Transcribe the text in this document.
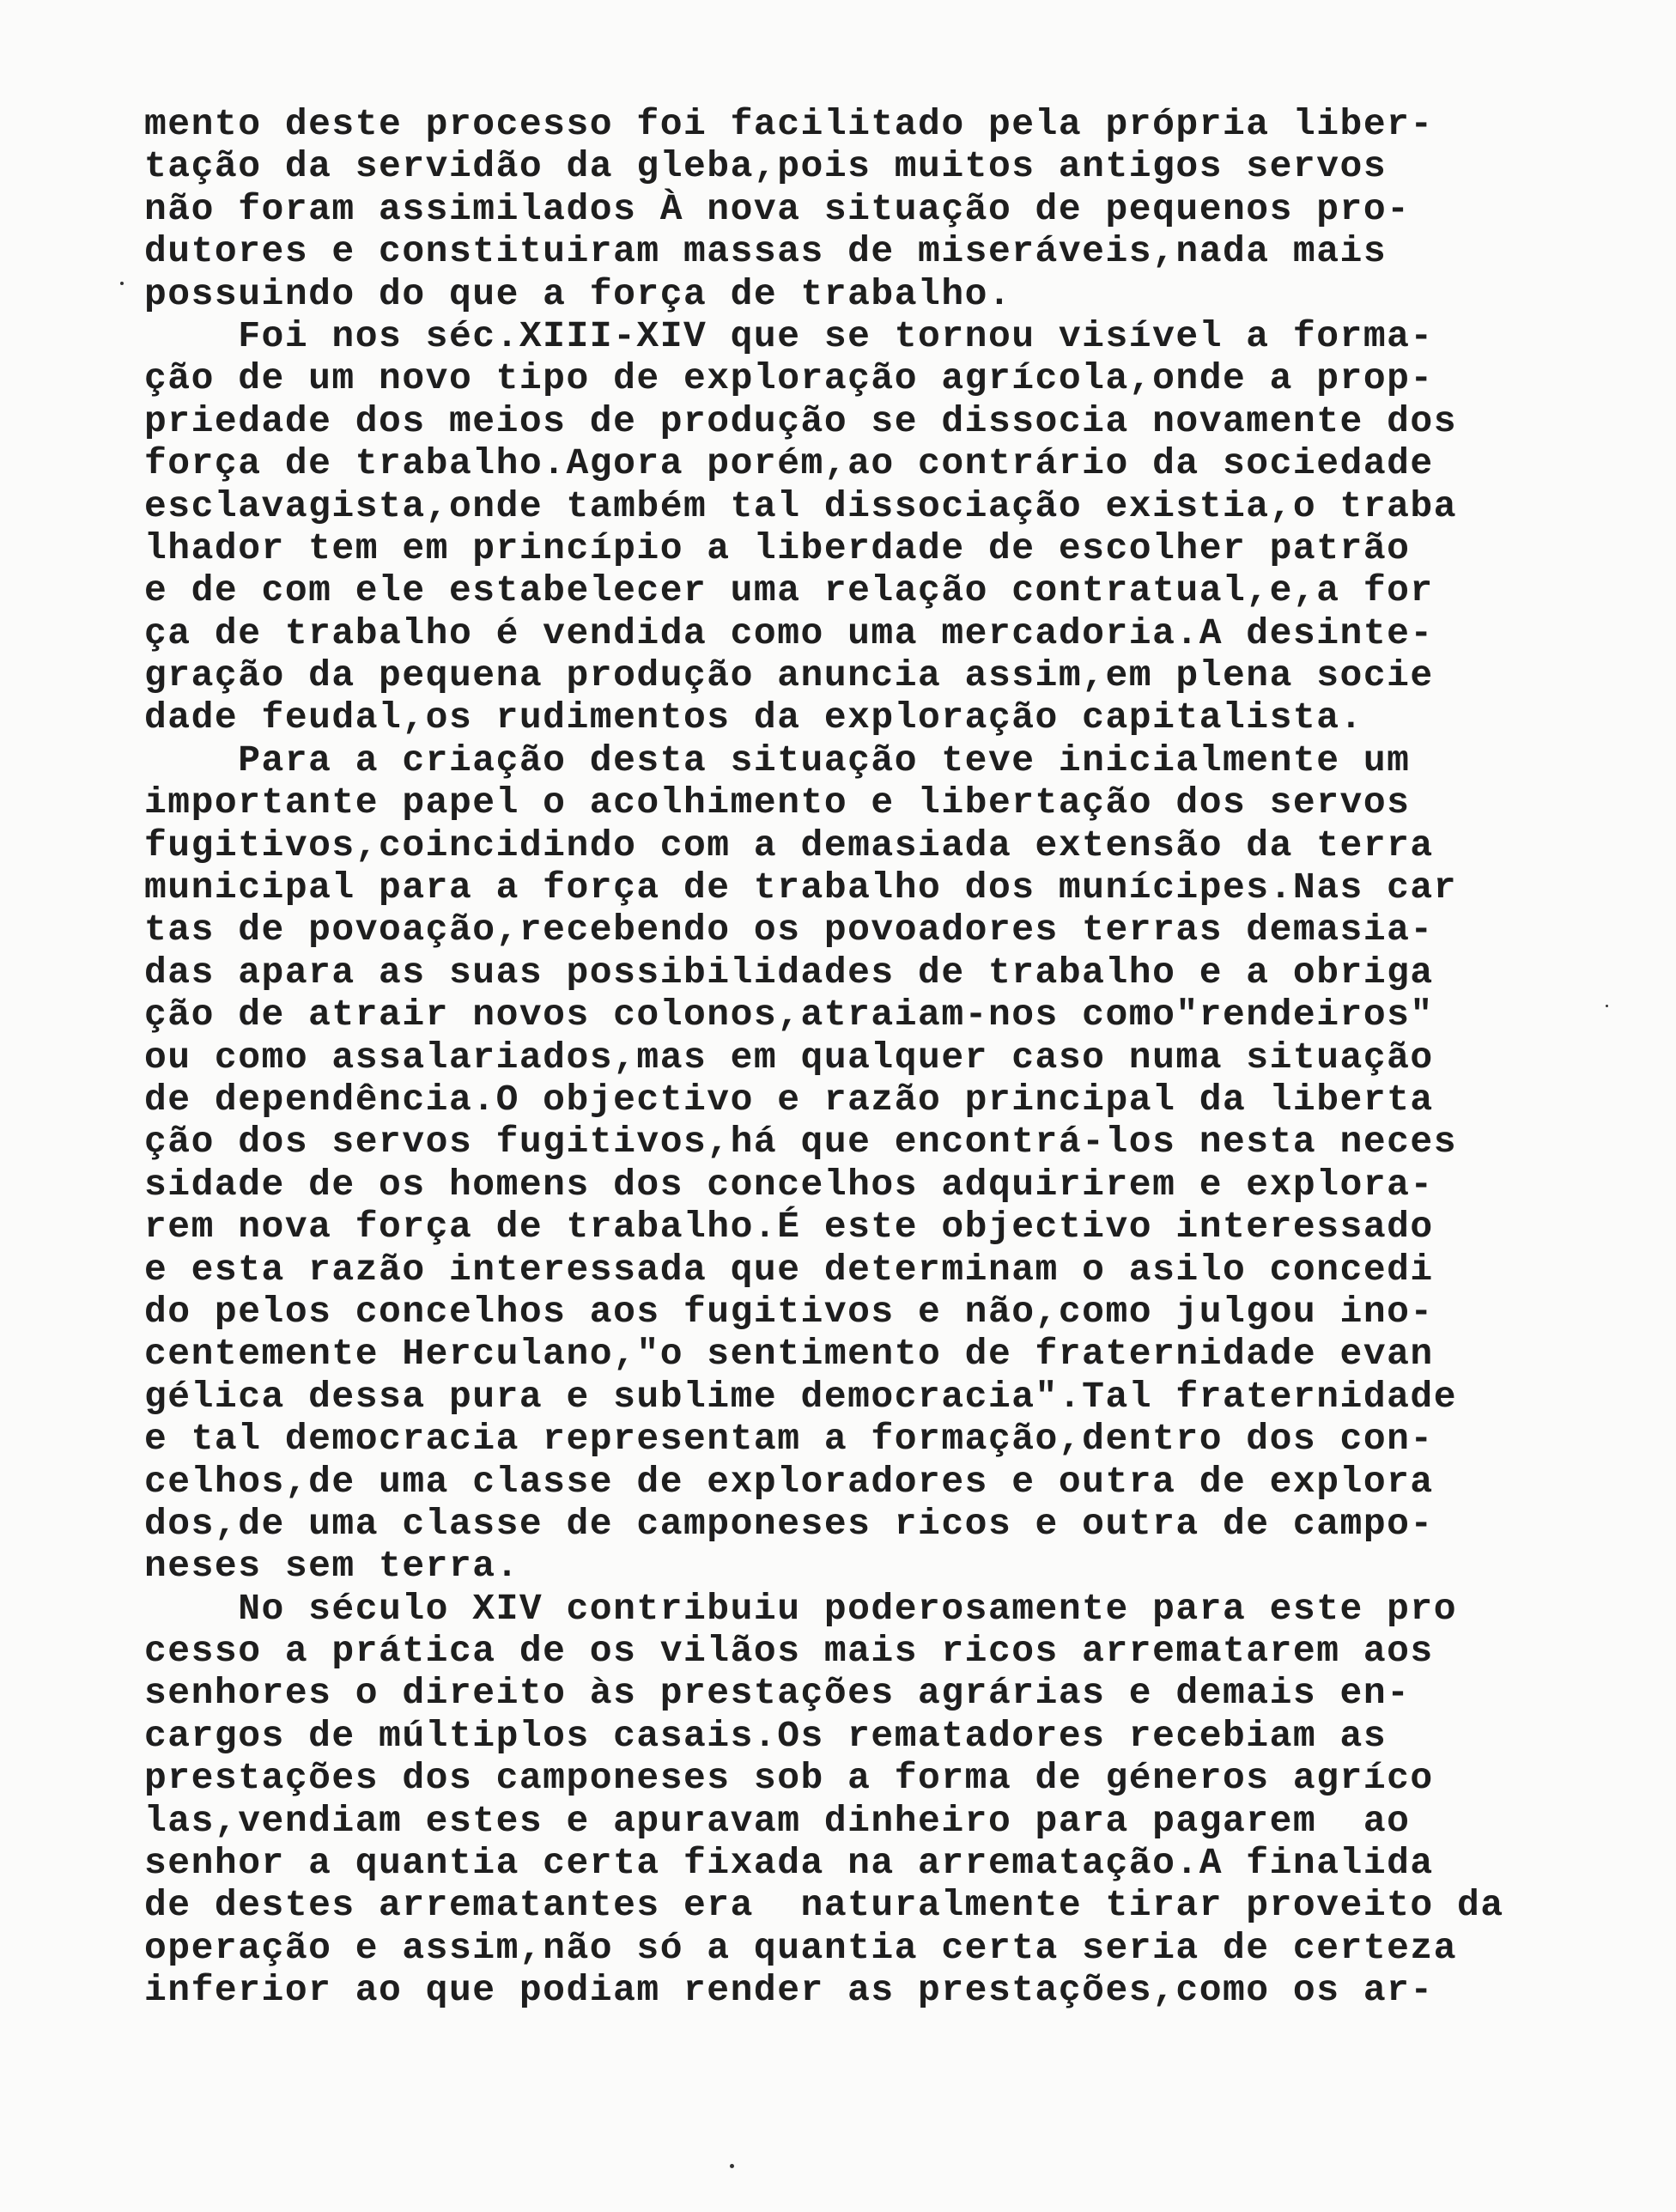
mento deste processo foi facilitado pela própria liber-
tação da servidão da gleba,pois muitos antigos servos
não foram assimilados À nova situação de pequenos pro-
dutores e constituiram massas de miseráveis,nada mais
possuindo do que a força de trabalho.
Foi nos séc.XIII-XIV que se tornou visível a forma-
ção de um novo tipo de exploração agrícola,onde a prop-
priedade dos meios de produção se dissocia novamente dos
força de trabalho.Agora porém,ao contrário da sociedade
esclavagista,onde também tal dissociação existia,o traba
lhador tem em princípio a liberdade de escolher patrão
e de com ele estabelecer uma relação contratual,e,a for
ça de trabalho é vendida como uma mercadoria.A desinte-
gração da pequena produção anuncia assim,em plena socie
dade feudal,os rudimentos da exploração capitalista.
Para a criação desta situação teve inicialmente um
importante papel o acolhimento e libertação dos servos
fugitivos,coincidindo com a demasiada extensão da terra
municipal para a força de trabalho dos munícipes.Nas car
tas de povoação,recebendo os povoadores terras demasia-
das apara as suas possibilidades de trabalho e a obriga
ção de atrair novos colonos,atraiam-nos como"rendeiros"
ou como assalariados,mas em qualquer caso numa situação
de dependência.O objectivo e razão principal da liberta
ção dos servos fugitivos,há que encontrá-los nesta neces
sidade de os homens dos concelhos adquirirem e explora-
rem nova força de trabalho.É este objectivo interessado
e esta razão interessada que determinam o asilo concedi
do pelos concelhos aos fugitivos e não,como julgou ino-
centemente Herculano,"o sentimento de fraternidade evan
gélica dessa pura e sublime democracia".Tal fraternidade
e tal democracia representam a formação,dentro dos con-
celhos,de uma classe de exploradores e outra de explora
dos,de uma classe de camponeses ricos e outra de campo-
neses sem terra.
No século XIV contribuiu poderosamente para este pro
cesso a prática de os vilãos mais ricos arrematarem aos
senhores o direito às prestações agrárias e demais en-
cargos de múltiplos casais.Os rematadores recebiam as
prestações dos camponeses sob a forma de géneros agríco
las,vendiam estes e apuravam dinheiro para pagarem  ao
senhor a quantia certa fixada na arrematação.A finalida
de destes arrematantes era  naturalmente tirar proveito da
operação e assim,não só a quantia certa seria de certeza
inferior ao que podiam render as prestações,como os ar-
